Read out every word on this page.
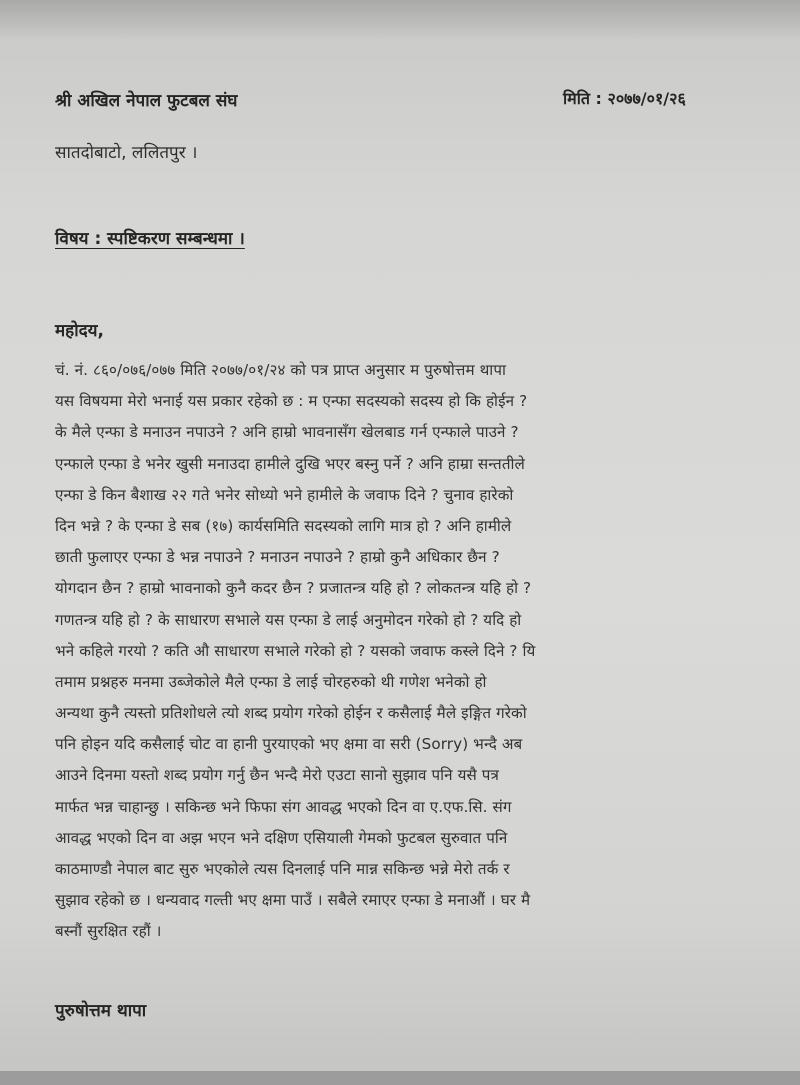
श्री अखिल नेपाल फुटबल संघ	मिति : २०७७/०१/२६
सातदोबाटो, ललितपुर ।
विषय : स्पष्टिकरण सम्बन्धमा ।
महोदय,
चं. नं. ८६०/०७६/०७७ मिति २०७७/०१/२४ को पत्र प्राप्त अनुसार म पुरुषोत्तम थापा
यस विषयमा मेरो भनाई यस प्रकार रहेको छ : म एन्फा सदस्यको सदस्य हो कि होईन ?
के मैले एन्फा डे मनाउन नपाउने ? अनि हाम्रो भावनासँग खेलबाड गर्न एन्फाले पाउने ?
एन्फाले एन्फा डे भनेर खुसी मनाउदा हामीले दुखि भएर बस्नु पर्ने ? अनि हाम्रा सन्ततीले
एन्फा डे किन बैशाख २२ गते भनेर सोध्यो भने हामीले के जवाफ दिने ? चुनाव हारेको
दिन भन्ने ? के एन्फा डे सब (१७) कार्यसमिति सदस्यको लागि मात्र हो ? अनि हामीले
छाती फुलाएर एन्फा डे भन्न नपाउने ? मनाउन नपाउने ? हाम्रो कुनै अधिकार छैन ?
योगदान छैन ? हाम्रो भावनाको कुनै कदर छैन ? प्रजातन्त्र यहि हो ? लोकतन्त्र यहि हो ?
गणतन्त्र यहि हो ? के साधारण सभाले यस एन्फा डे लाई अनुमोदन गरेको हो ? यदि हो
भने कहिले गरयो ? कति औ साधारण सभाले गरेको हो ? यसको जवाफ कस्ले दिने ? यि
तमाम प्रश्नहरु मनमा उब्जेकोले मैले एन्फा डे लाई चोरहरुको थी गणेश भनेको हो
अन्यथा कुनै त्यस्तो प्रतिशोधले त्यो शब्द प्रयोग गरेको होईन र कसैलाई मैले इङ्गित गरेको
पनि होइन यदि कसैलाई चोट वा हानी पुरयाएको भए क्षमा वा सरी (Sorry) भन्दै अब
आउने दिनमा यस्तो शब्द प्रयोग गर्नु छैन भन्दै मेरो एउटा सानो सुझाव पनि यसै पत्र
मार्फत भन्न चाहान्छु । सकिन्छ भने फिफा संग आवद्ध भएको दिन वा ए.एफ.सि. संग
आवद्ध भएको दिन वा अझ भएन भने दक्षिण एसियाली गेमको फुटबल सुरुवात पनि
काठमाण्डौ नेपाल बाट सुरु भएकोले त्यस दिनलाई पनि मान्न सकिन्छ भन्ने मेरो तर्क र
सुझाव रहेको छ । धन्यवाद गल्ती भए क्षमा पाउँ । सबैले रमाएर एन्फा डे मनाऔं । घर मै
बस्नौं सुरक्षित रहौं ।
पुरुषोत्तम थापा
